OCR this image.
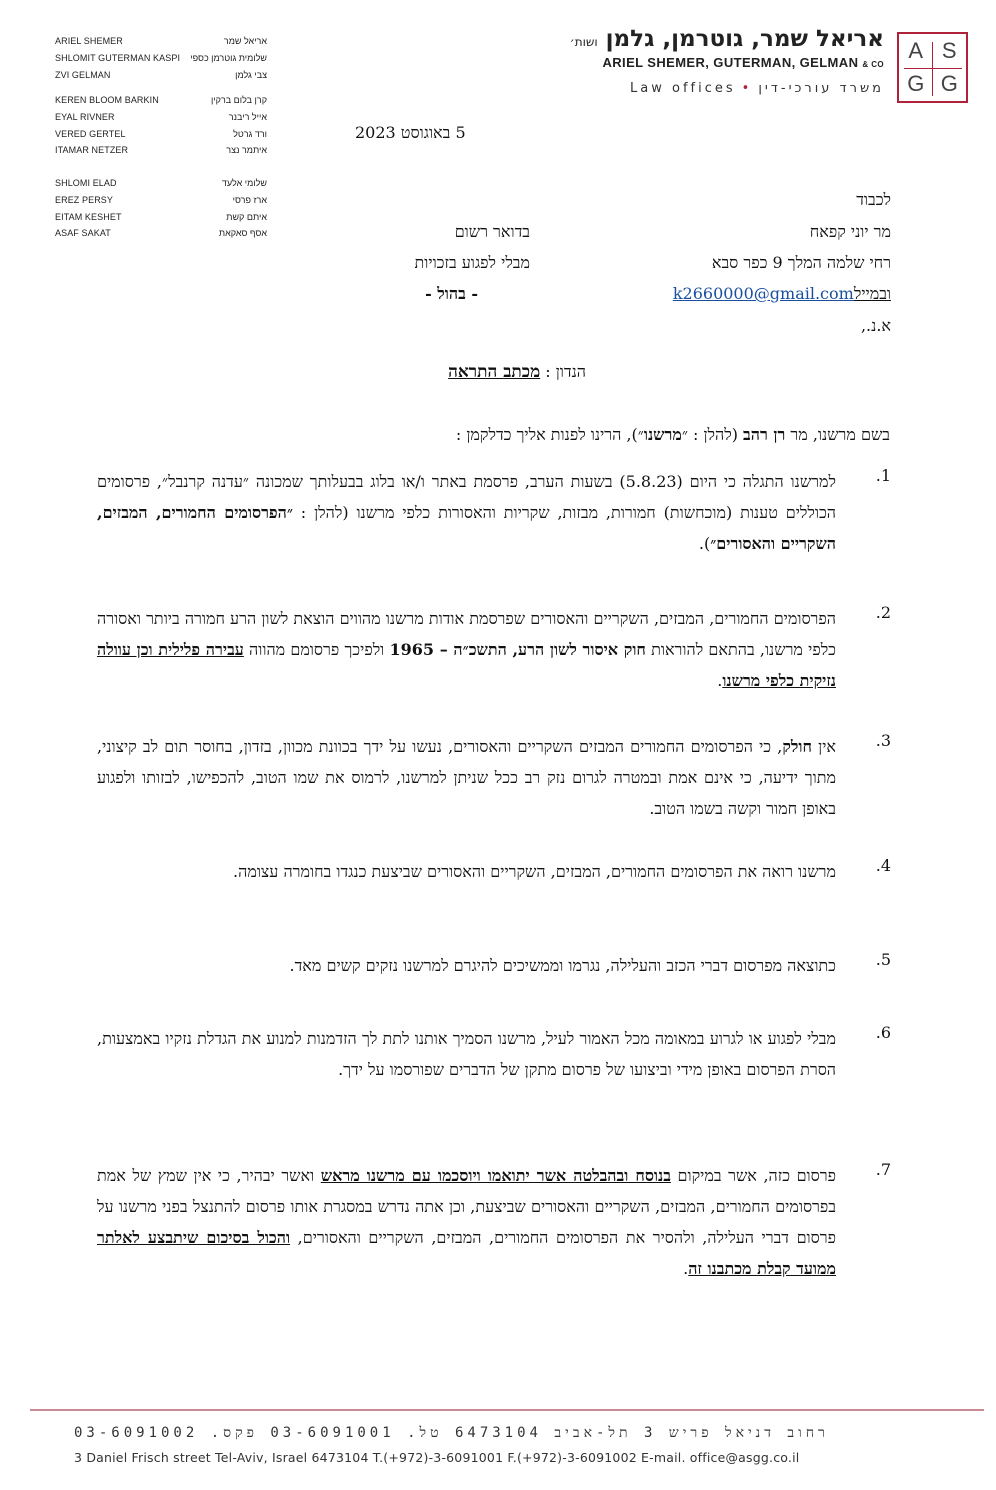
ARIEL SHEMER	אריאל שמר
SHLOMIT GUTERMAN KASPI שלומית גוטרמן כספי
ZVI GELMAN	צבי גלמן
KEREN BLOOM BARKIN	קרן בלום ברקין
EYAL RIVNER	אייל ריבנר
VERED GERTEL	ורד גרטל
ITAMAR NETZER	איתמר נצר
SHLOMI ELAD	שלומי אלעד
EREZ PERSY	ארז פרסי
EITAM KESHET	איתם קשת
ASAF SAKAT	אסף סאקאת
אריאל שמר, גוטרמן, גלמן ושות׳
ARIEL SHEMER, GUTERMAN, GELMAN & CO
Law offices • משרד עורכי-דין
A S
G G
5 באוגוסט 2023
לכבוד
מר יוני קפאח
רחי שלמה המלך 9 כפר סבא
ובמיילk2660000@gmail.com
א.נ.,
בדואר רשום
מבלי לפגוע בזכויות
- בהול -
הנדון : מכתב התראה
בשם מרשנו, מר רן רהב (להלן : ״מרשנו״), הרינו לפנות אליך כדלקמן :
1.
למרשנו התגלה כי היום (5.8.23) בשעות הערב, פרסמת באתר ו/או בלוג בבעלותך שמכונה ״עדנה קרנבל״, פרסומים הכוללים טענות (מוכחשות) חמורות, מבזות, שקריות והאסורות כלפי מרשנו (להלן : ״הפרסומים החמורים, המבזים, השקריים והאסורים״).
2.
הפרסומים החמורים, המבזים, השקריים והאסורים שפרסמת אודות מרשנו מהווים הוצאת לשון הרע חמורה ביותר ואסורה כלפי מרשנו, בהתאם להוראות חוק איסור לשון הרע, התשכ״ה – 1965 ולפיכך פרסומם מהווה עבירה פלילית וכן עוולה נזיקית כלפי מרשנו.
3.
אין חולק, כי הפרסומים החמורים המבזים השקריים והאסורים, נעשו על ידך בכוונת מכוון, בזדון, בחוסר תום לב קיצוני, מתוך ידיעה, כי אינם אמת ובמטרה לגרום נזק רב ככל שניתן למרשנו, לרמוס את שמו הטוב, להכפישו, לבזותו ולפגוע באופן חמור וקשה בשמו הטוב.
4.
מרשנו רואה את הפרסומים החמורים, המבזים, השקריים והאסורים שביצעת כנגדו בחומרה עצומה.
5.
כתוצאה מפרסום דברי הכזב והעלילה, נגרמו וממשיכים להיגרם למרשנו נזקים קשים מאד.
6.
מבלי לפגוע או לגרוע במאומה מכל האמור לעיל, מרשנו הסמיך אותנו לתת לך הזדמנות למנוע את הגדלת נזקיו באמצעות, הסרת הפרסום באופן מידי וביצועו של פרסום מתקן של הדברים שפורסמו על ידך.
7.
פרסום כזה, אשר במיקום בנוסח ובהבלטה אשר יתואמו ויוסכמו עם מרשנו מראש ואשר יבהיר, כי אין שמץ של אמת בפרסומים החמורים, המבזים, השקריים והאסורים שביצעת, וכן אתה נדרש במסגרת אותו פרסום להתנצל בפני מרשנו על פרסום דברי העלילה, ולהסיר את הפרסומים החמורים, המבזים, השקריים והאסורים, והכול בסיכום שיתבצע לאלתר ממועד קבלת מכתבנו זה.
רחוב דניאל פריש 3 תל-אביב 6473104 טל. 03-6091001 פקס. 03-6091002
3 Daniel Frisch street Tel-Aviv, Israel 6473104 T.(+972)-3-6091001 F.(+972)-3-6091002 E-mail. office@asgg.co.il
